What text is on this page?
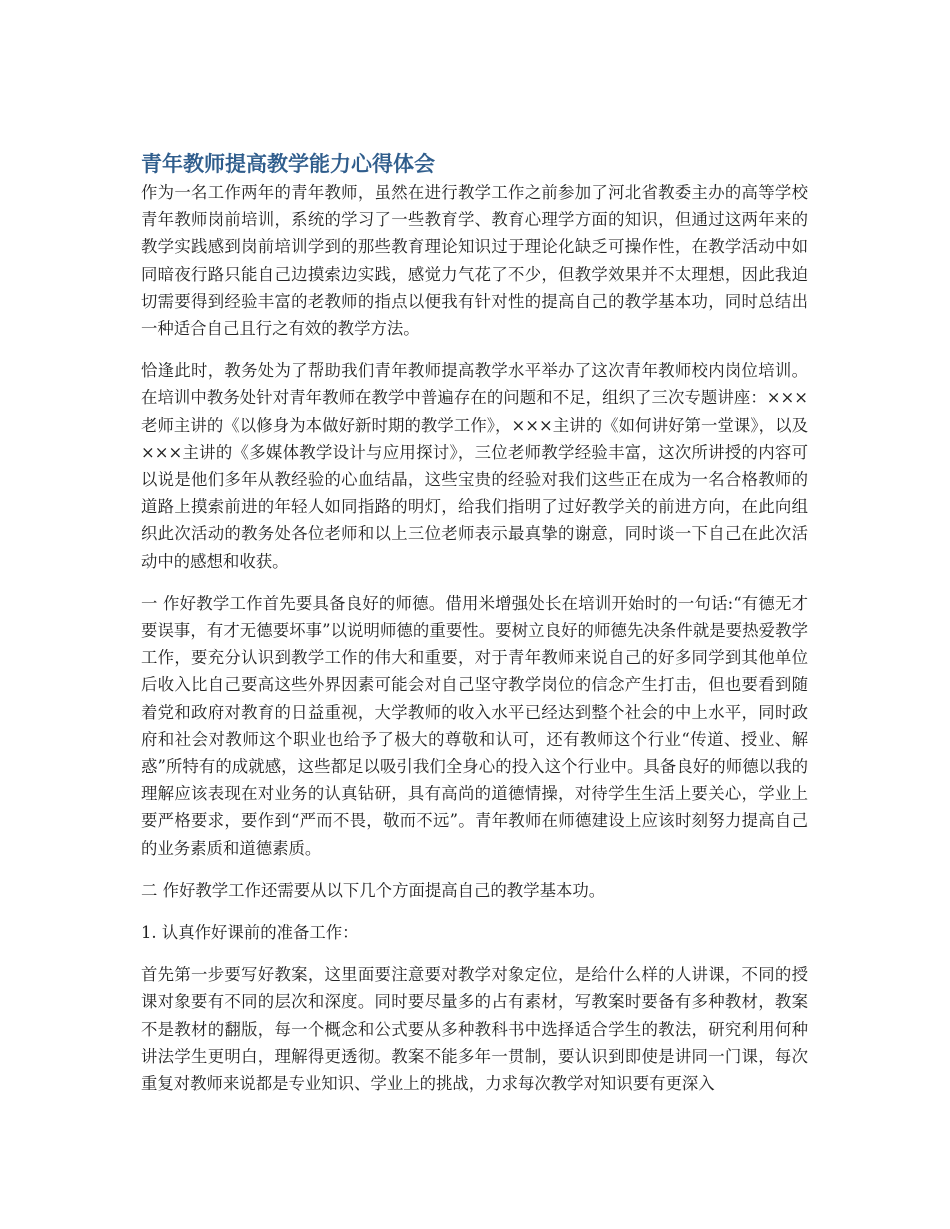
青年教师提高教学能力心得体会

作为一名工作两年的青年教师，虽然在进行教学工作之前参加了河北省教委主办的高等学校青年教师岗前培训，系统的学习了一些教育学、教育心理学方面的知识，但通过这两年来的教学实践感到岗前培训学到的那些教育理论知识过于理论化缺乏可操作性，在教学活动中如同暗夜行路只能自己边摸索边实践，感觉力气花了不少，但教学效果并不太理想，因此我迫切需要得到经验丰富的老教师的指点以便我有针对性的提高自己的教学基本功，同时总结出一种适合自己且行之有效的教学方法。

恰逢此时，教务处为了帮助我们青年教师提高教学水平举办了这次青年教师校内岗位培训。在培训中教务处针对青年教师在教学中普遍存在的问题和不足，组织了三次专题讲座：×××老师主讲的《以修身为本做好新时期的教学工作》，×××主讲的《如何讲好第一堂课》，以及×××主讲的《多媒体教学设计与应用探讨》，三位老师教学经验丰富，这次所讲授的内容可以说是他们多年从教经验的心血结晶，这些宝贵的经验对我们这些正在成为一名合格教师的道路上摸索前进的年轻人如同指路的明灯，给我们指明了过好教学关的前进方向，在此向组织此次活动的教务处各位老师和以上三位老师表示最真挚的谢意，同时谈一下自己在此次活动中的感想和收获。

一 作好教学工作首先要具备良好的师德。借用米增强处长在培训开始时的一句话:“有德无才要误事，有才无德要坏事”以说明师德的重要性。要树立良好的师德先决条件就是要热爱教学工作，要充分认识到教学工作的伟大和重要，对于青年教师来说自己的好多同学到其他单位后收入比自己要高这些外界因素可能会对自己坚守教学岗位的信念产生打击，但也要看到随着党和政府对教育的日益重视，大学教师的收入水平已经达到整个社会的中上水平，同时政府和社会对教师这个职业也给予了极大的尊敬和认可，还有教师这个行业“传道、授业、解惑”所特有的成就感，这些都足以吸引我们全身心的投入这个行业中。具备良好的师德以我的理解应该表现在对业务的认真钻研，具有高尚的道德情操，对待学生生活上要关心，学业上要严格要求，要作到“严而不畏，敬而不远”。青年教师在师德建设上应该时刻努力提高自己的业务素质和道德素质。

二 作好教学工作还需要从以下几个方面提高自己的教学基本功。

1. 认真作好课前的准备工作：

首先第一步要写好教案，这里面要注意要对教学对象定位，是给什么样的人讲课，不同的授课对象要有不同的层次和深度。同时要尽量多的占有素材，写教案时要备有多种教材，教案不是教材的翻版，每一个概念和公式要从多种教科书中选择适合学生的教法，研究利用何种讲法学生更明白，理解得更透彻。教案不能多年一贯制，要认识到即使是讲同一门课，每次重复对教师来说都是专业知识、学业上的挑战，力求每次教学对知识要有更深入
